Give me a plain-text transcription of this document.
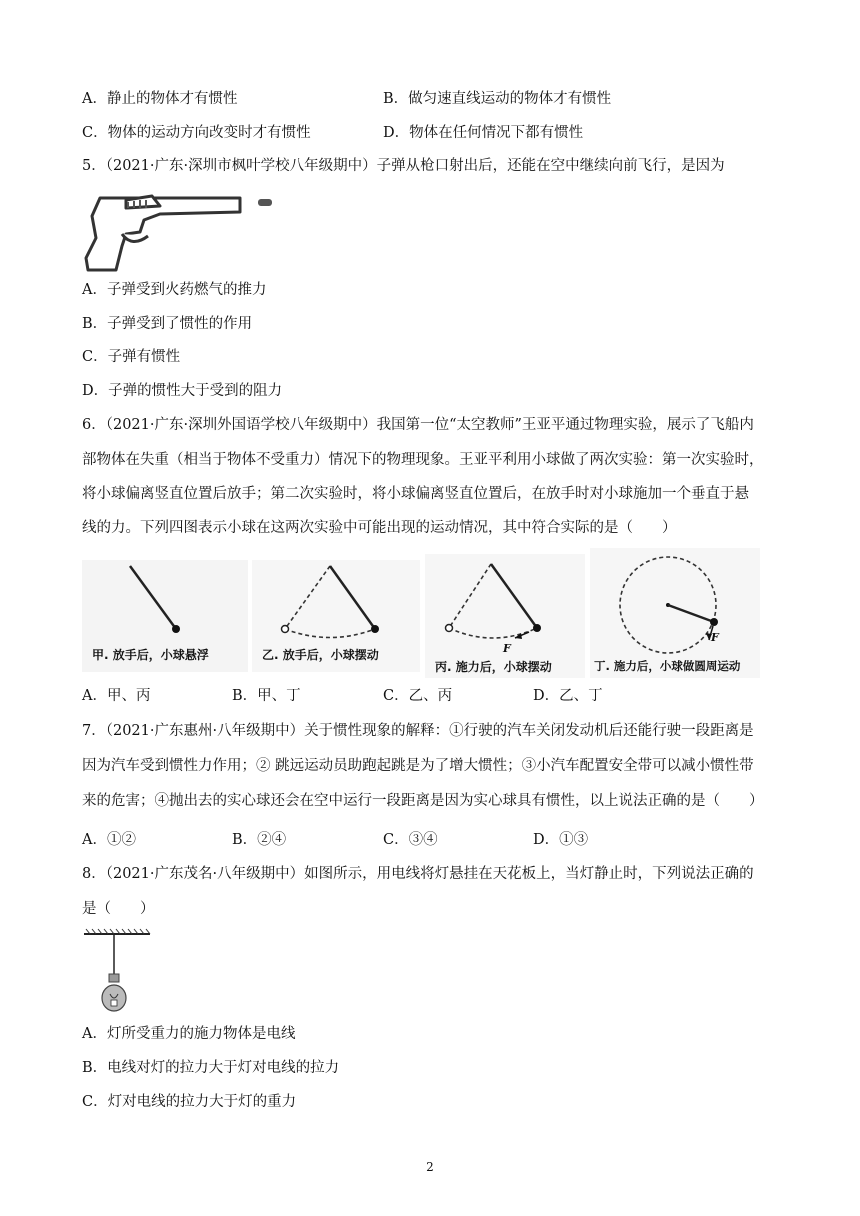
A．静止的物体才有惯性	B．做匀速直线运动的物体才有惯性
C．物体的运动方向改变时才有惯性	D．物体在任何情况下都有惯性
5．（2021·广东·深圳市枫叶学校八年级期中）子弹从枪口射出后，还能在空中继续向前飞行，是因为
A．子弹受到火药燃气的推力
B．子弹受到了惯性的作用
C．子弹有惯性
D．子弹的惯性大于受到的阻力
6．（2021·广东·深圳外国语学校八年级期中）我国第一位“太空教师”王亚平通过物理实验，展示了飞船内
部物体在失重（相当于物体不受重力）情况下的物理现象。王亚平利用小球做了两次实验：第一次实验时，
将小球偏离竖直位置后放手；第二次实验时，将小球偏离竖直位置后，在放手时对小球施加一个垂直于悬
线的力。下列四图表示小球在这两次实验中可能出现的运动情况，其中符合实际的是（　　）
甲. 放手后，小球悬浮	乙. 放手后，小球摆动	F
丙. 施力后，小球摆动
F
丁. 施力后，小球做圆周运动
A．甲、丙	B．甲、丁	C．乙、丙	D．乙、丁
7．（2021·广东惠州·八年级期中）关于惯性现象的解释：①行驶的汽车关闭发动机后还能行驶一段距离是
因为汽车受到惯性力作用；② 跳远运动员助跑起跳是为了增大惯性；③小汽车配置安全带可以减小惯性带
来的危害；④抛出去的实心球还会在空中运行一段距离是因为实心球具有惯性，以上说法正确的是（　　）
A．①②	B．②④	C．③④	D．①③
8．（2021·广东茂名·八年级期中）如图所示，用电线将灯悬挂在天花板上，当灯静止时，下列说法正确的
是（　　）
A．灯所受重力的施力物体是电线
B．电线对灯的拉力大于灯对电线的拉力
C．灯对电线的拉力大于灯的重力
2
